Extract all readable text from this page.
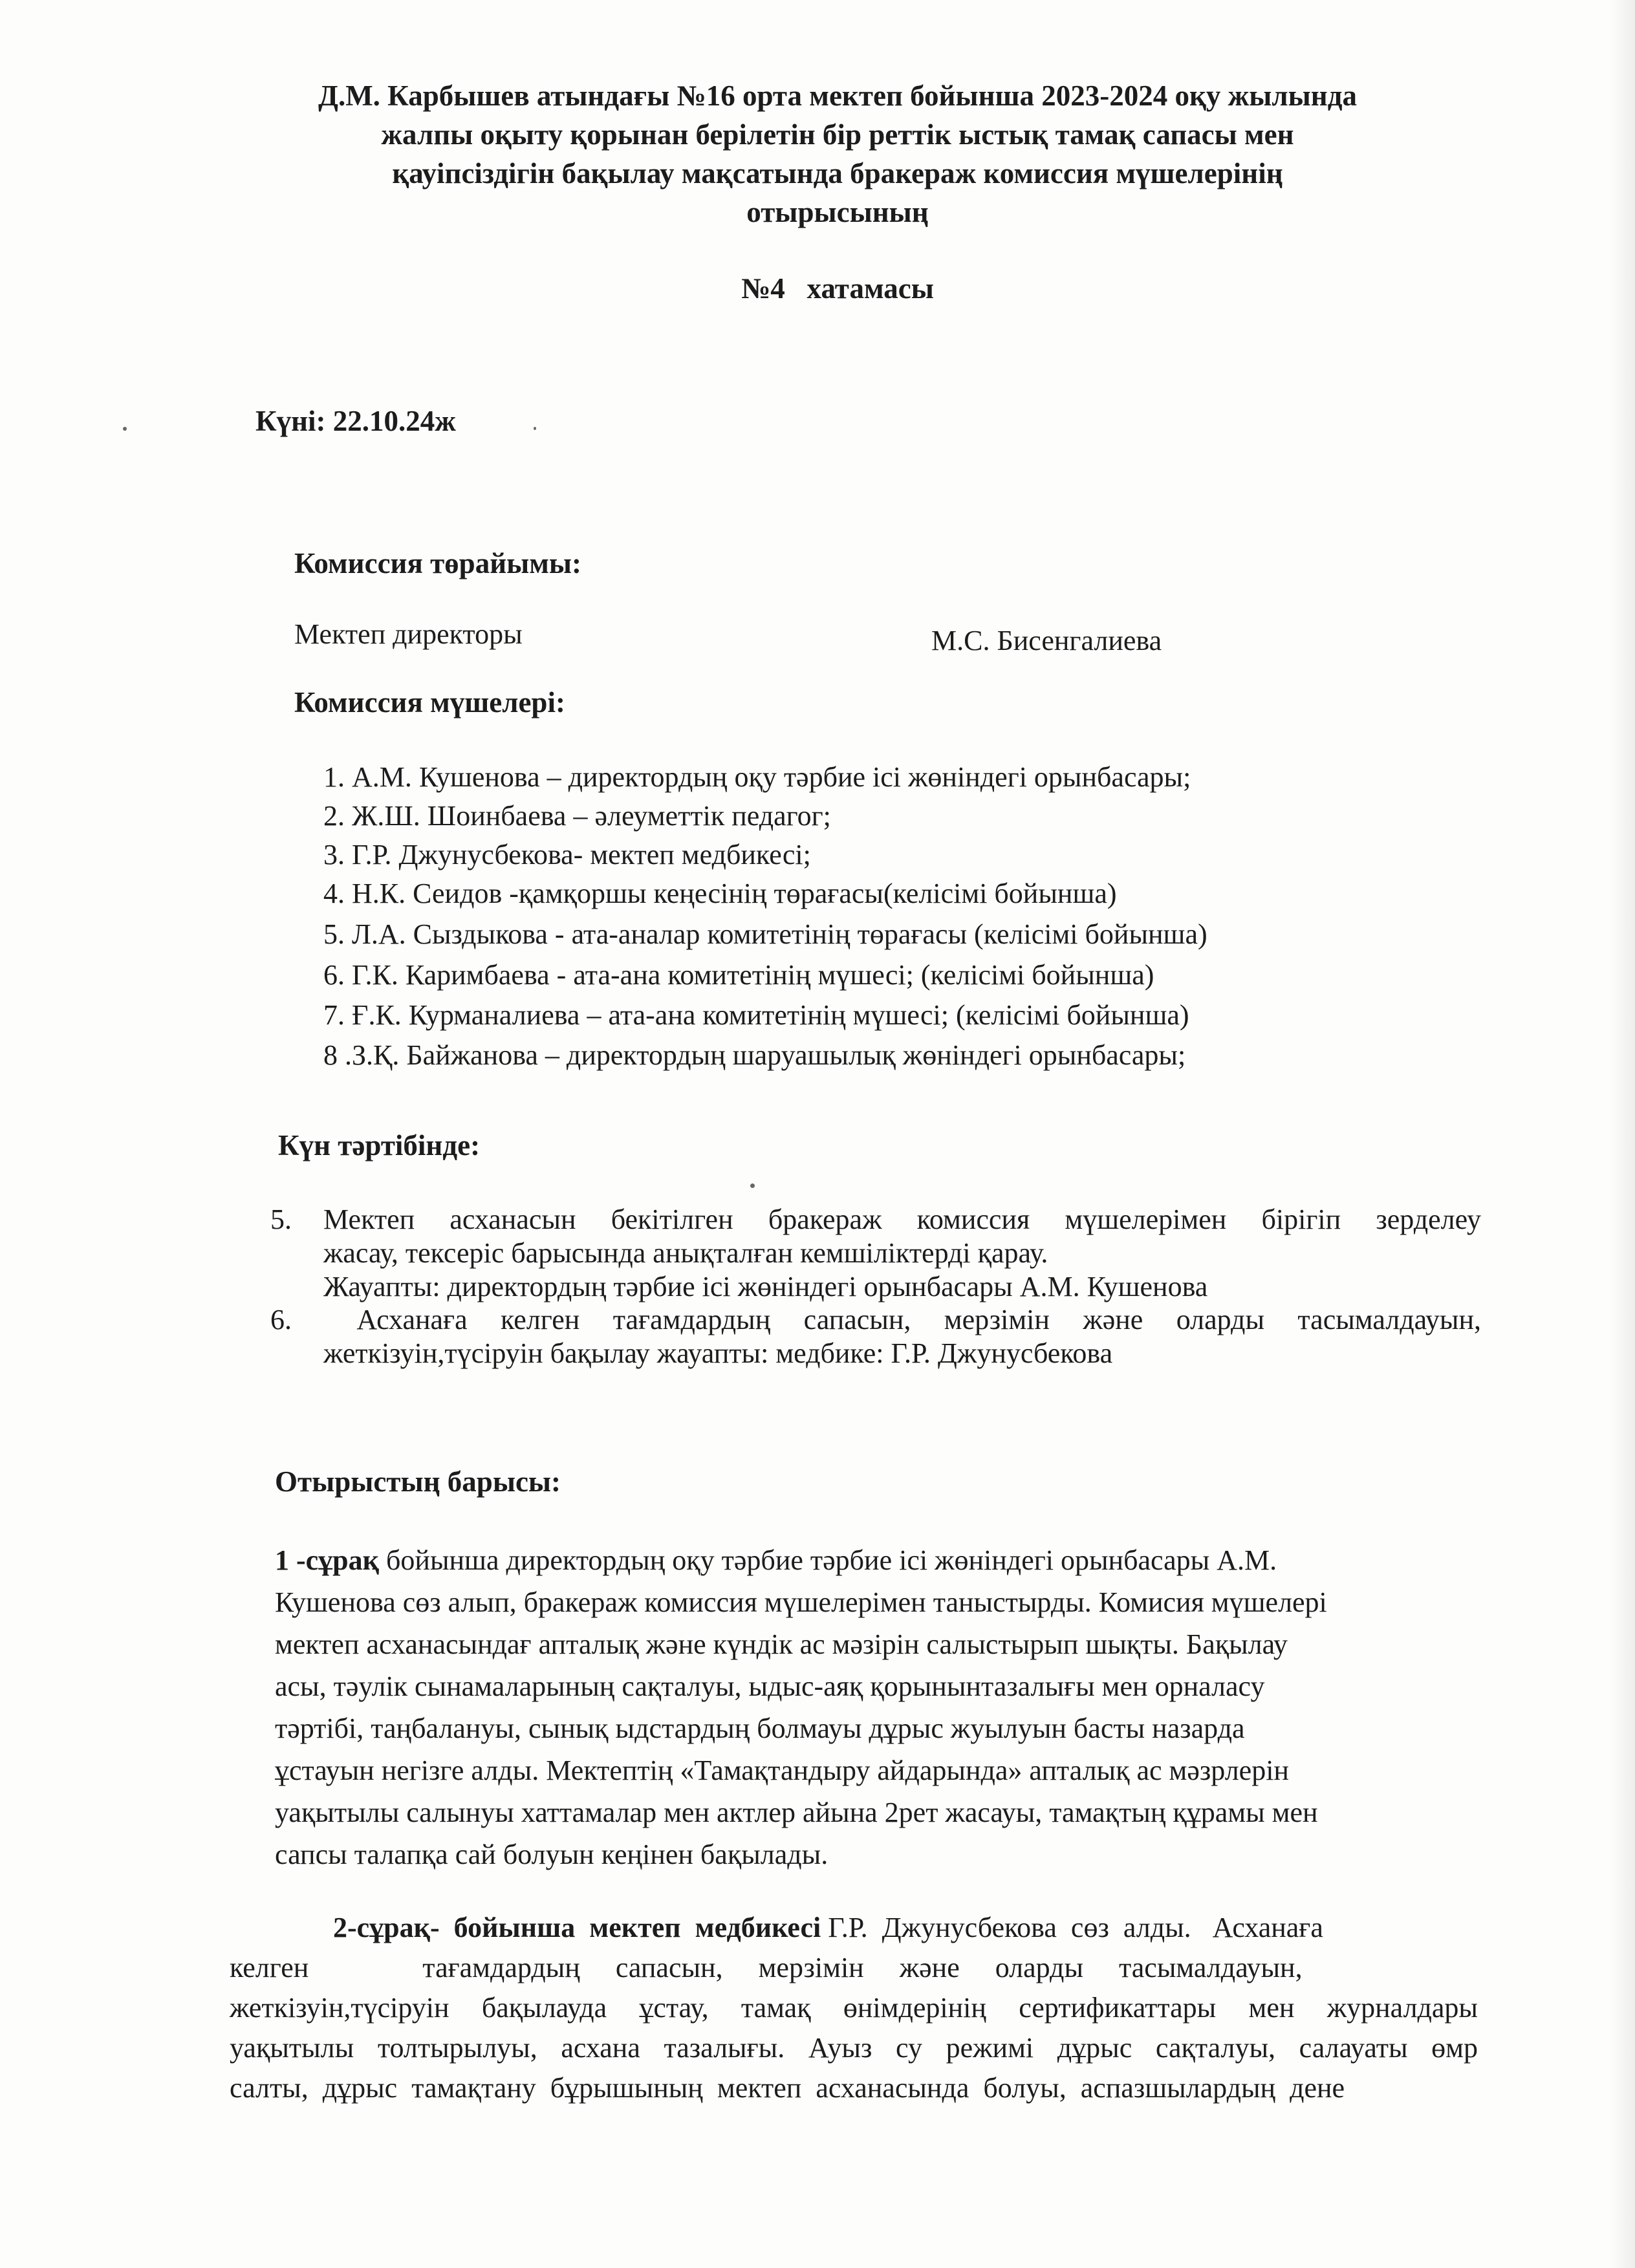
Д.М. Карбышев атындағы №16 орта мектеп бойынша 2023-2024 оқу жылында
жалпы оқыту қорынан берілетін бір реттік ыстық тамақ сапасы мен
қауіпсіздігін бақылау мақсатында бракераж комиссия мүшелерінің
отырысының
№4   хатамасы
Күні: 22.10.24ж
Комиссия төрайымы:
Мектеп директоры	М.С. Бисенгалиева
Комиссия мүшелері:
1. А.М. Кушенова – директордың оқу тәрбие ісі жөніндегі орынбасары;
2. Ж.Ш. Шоинбаева – әлеуметтік педагог;
3. Г.Р. Джунусбекова- мектеп медбикесі;
4. Н.К. Сеидов -қамқоршы кеңесінің төрағасы(келісімі бойынша)
5. Л.А. Сыздыкова - ата-аналар комитетінің төрағасы (келісімі бойынша)
6. Г.К. Каримбаева - ата-ана комитетінің мүшесі; (келісімі бойынша)
7. Ғ.К. Курманалиева – ата-ана комитетінің мүшесі; (келісімі бойынша)
8 .З.Қ. Байжанова – директордың шаруашылық жөніндегі орынбасары;
Күн тәртібінде:
5. Мектеп асханасын бекітілген бракераж комиссия мүшелерімен бірігіп зерделеу
жасау, тексеріс барысында анықталған кемшіліктерді қарау.
Жауапты: директордың тәрбие ісі жөніндегі орынбасары А.М. Кушенова
6. Асханаға келген тағамдардың сапасын, мерзімін және оларды тасымалдауын,
жеткізуін,түсіруін бақылау жауапты: медбике: Г.Р. Джунусбекова
Отырыстың барысы:
1 -сұрақ бойынша директордың оқу тәрбие тәрбие ісі жөніндегі орынбасары А.М.
Кушенова сөз алып, бракераж комиссия мүшелерімен таныстырды. Комисия мүшелері
мектеп асханасындағ апталық және күндік ас мәзірін салыстырып шықты. Бақылау
асы, тәулік сынамаларының сақталуы, ыдыс-аяқ қорынынтазалығы мен орналасу
тәртібі, таңбалануы, сынық ыдстардың болмауы дұрыс жуылуын басты назарда
ұстауын негізге алды. Мектептің «Тамақтандыру айдарында» апталық ас мәзрлерін
уақытылы салынуы хаттамалар мен актлер айына 2рет жасауы, тамақтың құрамы мен
сапсы талапқа сай болуын кеңінен бақылады.
2-сұрақ-  бойынша  мектеп  медбикесі Г.Р.  Джунусбекова  сөз  алды.   Асханаға
келген                тағамдардың     сапасын,     мерзімін     және     оларды     тасымалдауын,
жеткізуін,түсіруін бақылауда ұстау, тамақ өнімдерінің сертификаттары мен журналдары
уақытылы толтырылуы, асхана тазалығы. Ауыз су режимі дұрыс сақталуы, салауаты өмр
салты,  дұрыс  тамақтану  бұрышының  мектеп  асханасында  болуы,  аспазшылардың  дене
